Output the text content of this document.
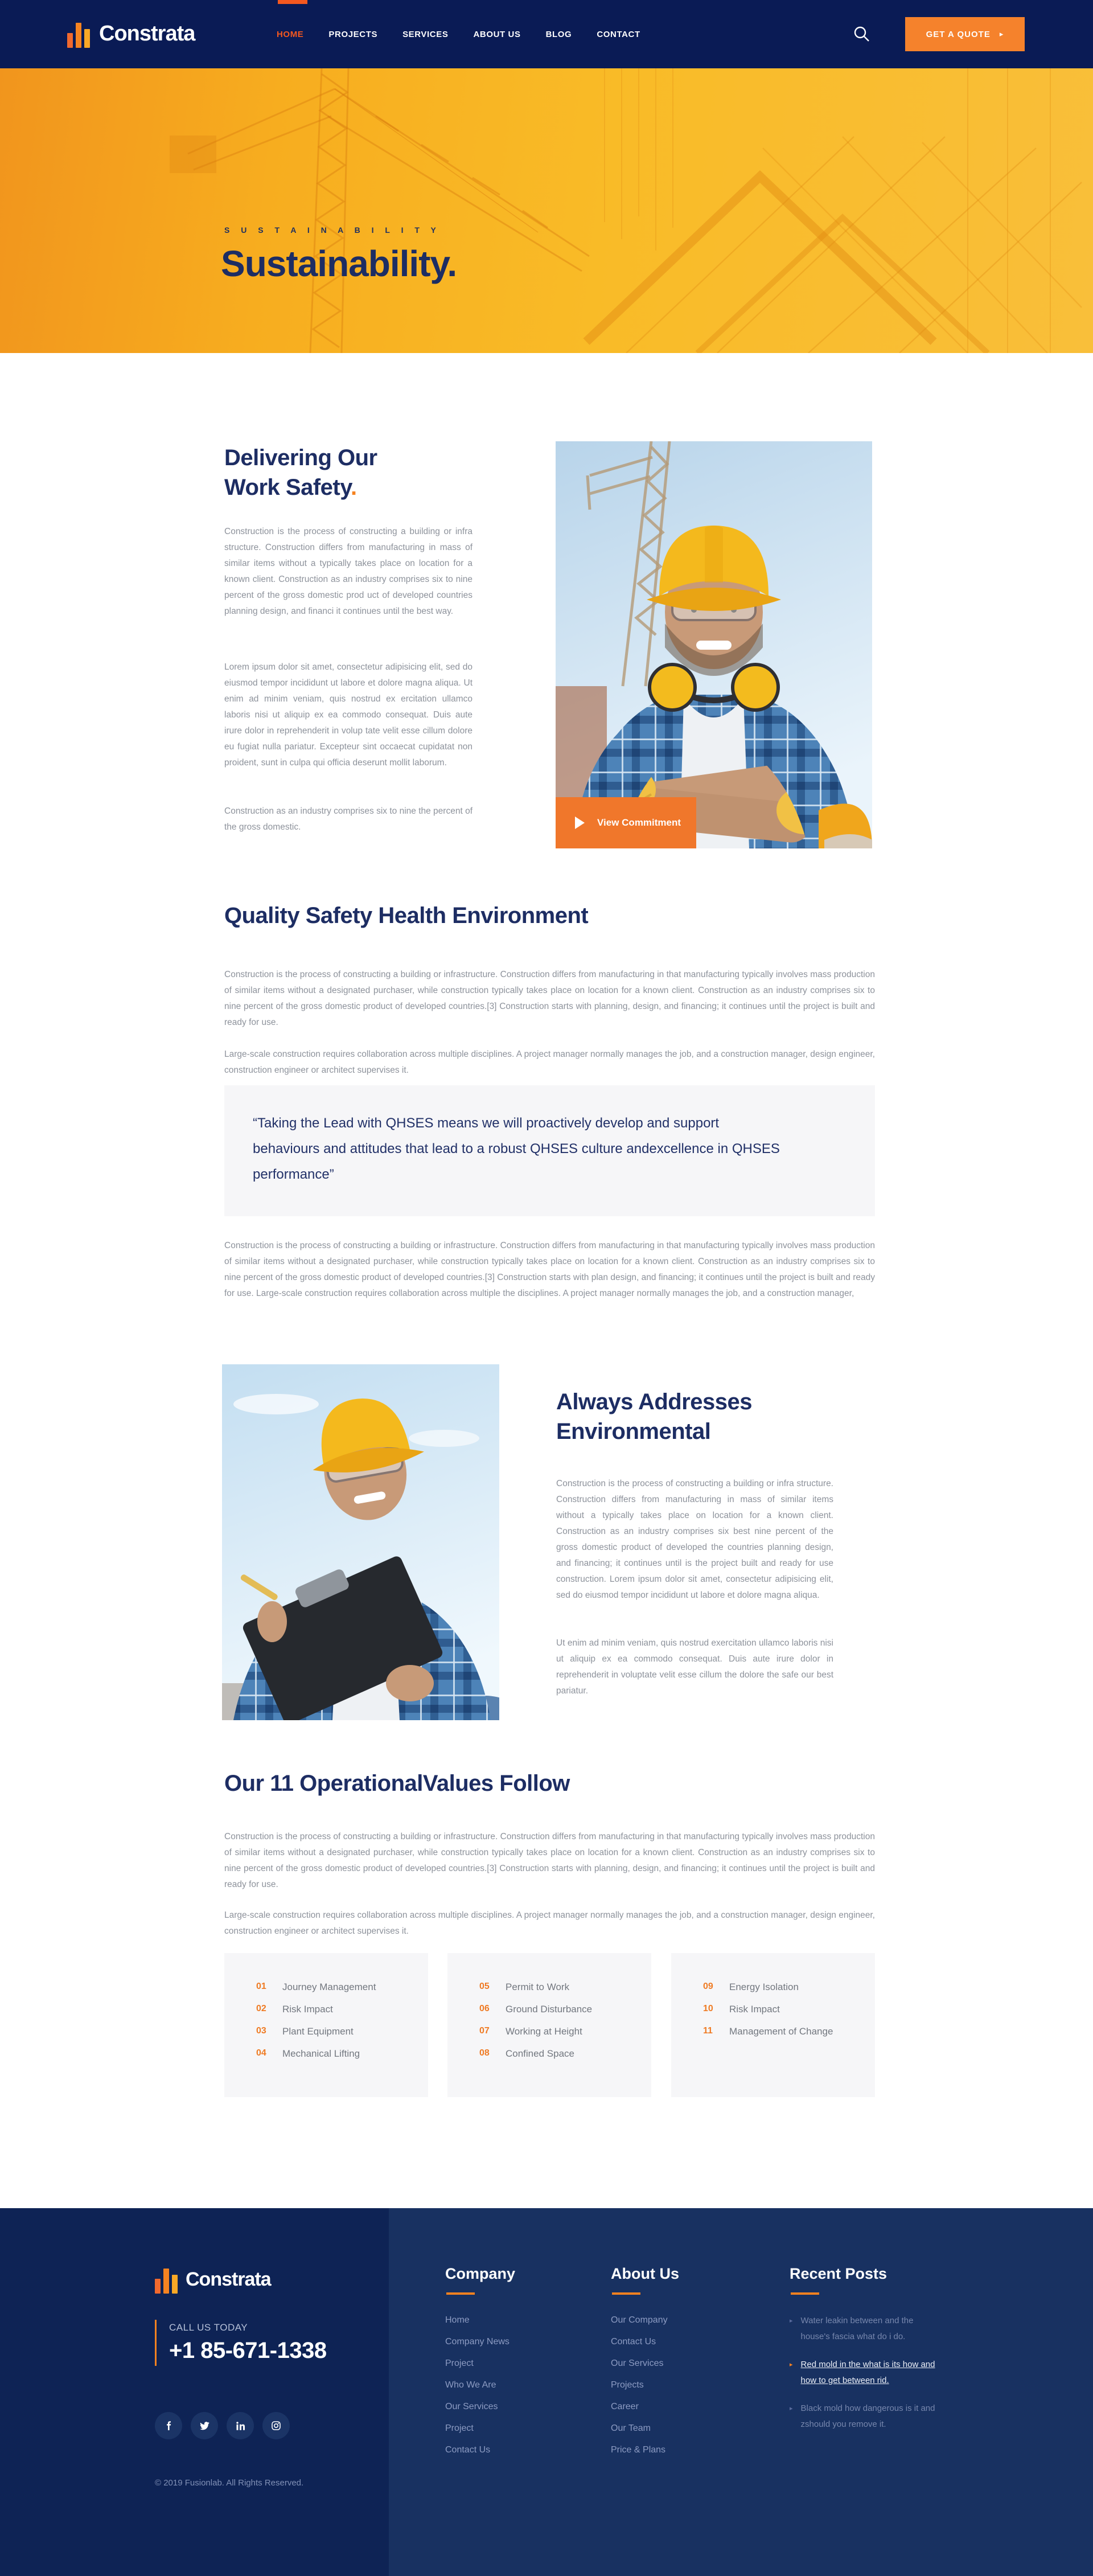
Constrata	HOME	PROJECTS	SERVICES	ABOUT US	BLOG	CONTACT	GET A QUOTE ▸
S U S T A I N A B I L I T Y
Sustainability.
Delivering Our
Work Safety.

Construction is the process of constructing a building or infra structure. Construction differs from manufacturing in mass of similar items without a typically takes place on location for a known client. Construction as an industry comprises six to nine percent of the gross domestic prod uct of developed countries planning design, and financi it continues until the best way.

Lorem ipsum dolor sit amet, consectetur adipisicing elit, sed do eiusmod tempor incididunt ut labore et dolore magna aliqua. Ut enim ad minim veniam, quis nostrud ex ercitation ullamco laboris nisi ut aliquip ex ea commodo consequat. Duis aute irure dolor in reprehenderit in volup tate velit esse cillum dolore eu fugiat nulla pariatur. Excepteur sint occaecat cupidatat non proident, sunt in culpa qui officia deserunt mollit laborum.

Construction as an industry comprises six to nine the percent of the gross domestic.	View Commitment
Quality Safety Health Environment

Construction is the process of constructing a building or infrastructure. Construction differs from manufacturing in that manufacturing typically involves mass production of similar items without a designated purchaser, while construction typically takes place on location for a known client. Construction as an industry comprises six to nine percent of the gross domestic product of developed countries.[3] Construction starts with planning, design, and financing; it continues until the project is built and ready for use.

Large-scale construction requires collaboration across multiple disciplines. A project manager normally manages the job, and a construction manager, design engineer, construction engineer or architect supervises it.

“Taking the Lead with QHSES means we will proactively develop and support behaviours and attitudes that lead to a robust QHSES culture andexcellence in QHSES performance”

Construction is the process of constructing a building or infrastructure. Construction differs from manufacturing in that manufacturing typically involves mass production of similar items without a designated purchaser, while construction typically takes place on location for a known client. Construction as an industry comprises six to nine percent of the gross domestic product of developed countries.[3] Construction starts with plan design, and financing; it continues until the project is built and ready for use. Large-scale construction requires collaboration across multiple the disciplines. A project manager normally manages the job, and a construction manager,

Always Addresses
Environmental

Construction is the process of constructing a building or infra structure. Construction differs from manufacturing in mass of similar items without a typically takes place on location for a known client. Construction as an industry comprises six best nine percent of the gross domestic product of developed the countries planning design, and financing; it continues until is the project built and ready for use construction. Lorem ipsum dolor sit amet, consectetur adipisicing elit, sed do eiusmod tempor incididunt ut labore et dolore magna aliqua.

Ut enim ad minim veniam, quis nostrud exercitation ullamco laboris nisi ut aliquip ex ea commodo consequat. Duis aute irure dolor in reprehenderit in voluptate velit esse cillum the dolore the safe our best pariatur.

Our 11 OperationalValues Follow

Construction is the process of constructing a building or infrastructure. Construction differs from manufacturing in that manufacturing typically involves mass production of similar items without a designated purchaser, while construction typically takes place on location for a known client. Construction as an industry comprises six to nine percent of the gross domestic product of developed countries.[3] Construction starts with planning, design, and financing; it continues until the project is built and ready for use.

Large-scale construction requires collaboration across multiple disciplines. A project manager normally manages the job, and a construction manager, design engineer, construction engineer or architect supervises it.

01	Journey Management
02	Risk Impact
03	Plant Equipment
04	Mechanical Lifting
05	Permit to Work
06	Ground Disturbance
07	Working at Height
08	Confined Space
09	Energy Isolation
10	Risk Impact
11	Management of Change
Constrata
CALL US TODAY
+1 85-671-1338
© 2019 Fusionlab. All Rights Reserved.
Company
Home
Company News
Project
Who We Are
Our Services
Project
Contact Us
About Us
Our Company
Contact Us
Our Services
Projects
Career
Our Team
Price & Plans
Recent Posts
▸ Water leakin between and the house's fascia what do i do.
▸ Red mold in the what is its how and how to get between rid.
▸ Black mold how dangerous is it and zshould you remove it.
